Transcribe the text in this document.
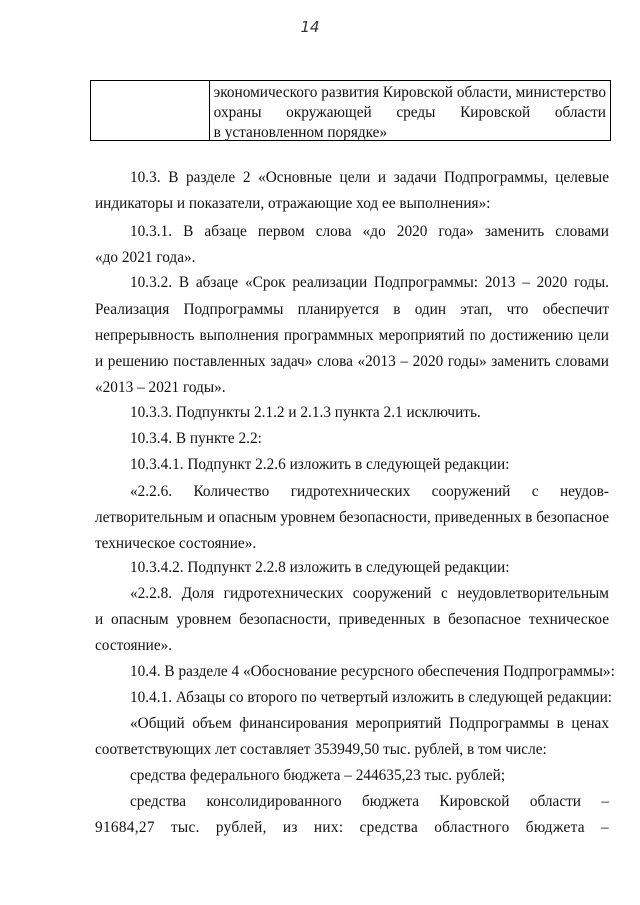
14
экономического развития Кировской области, министерство
охраны окружающей среды Кировской области
в установленном порядке»
10.3. В разделе 2 «Основные цели и задачи Подпрограммы, целевые
индикаторы и показатели, отражающие ход ее выполнения»:
10.3.1. В абзаце первом слова «до 2020 года» заменить словами
«до 2021 года».
10.3.2. В абзаце «Срок реализации Подпрограммы: 2013 – 2020 годы.
Реализация Подпрограммы планируется в один этап, что обеспечит
непрерывность выполнения программных мероприятий по достижению цели
и решению поставленных задач» слова «2013 – 2020 годы» заменить словами
«2013 – 2021 годы».
10.3.3. Подпункты 2.1.2 и 2.1.3 пункта 2.1 исключить.
10.3.4. В пункте 2.2:
10.3.4.1. Подпункт 2.2.6 изложить в следующей редакции:
«2.2.6. Количество гидротехнических сооружений с неудов-
летворительным и опасным уровнем безопасности, приведенных в безопасное
техническое состояние».
10.3.4.2. Подпункт 2.2.8 изложить в следующей редакции:
«2.2.8. Доля гидротехнических сооружений с неудовлетворительным
и опасным уровнем безопасности, приведенных в безопасное техническое
состояние».
10.4. В разделе 4 «Обоснование ресурсного обеспечения Подпрограммы»:
10.4.1. Абзацы со второго по четвертый изложить в следующей редакции:
«Общий объем финансирования мероприятий Подпрограммы в ценах
соответствующих лет составляет 353949,50 тыс. рублей, в том числе:
средства федерального бюджета – 244635,23 тыс. рублей;
средства консолидированного бюджета Кировской области –
91684,27 тыс. рублей, из них: средства областного бюджета –
